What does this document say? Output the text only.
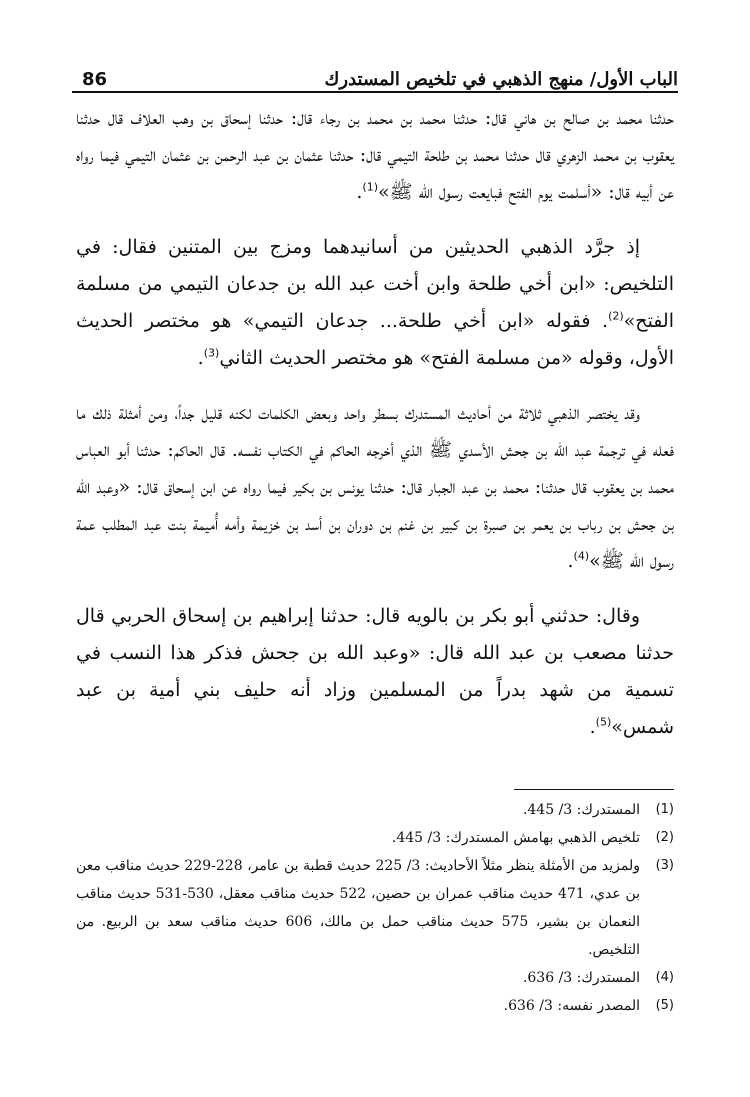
86	الباب الأول/ منهج الذهبي في تلخيص المستدرك

حدثنا محمد بن صالح بن هاني قال: حدثنا محمد بن محمد بن رجاء قال: حدثنا إسحاق بن وهب العلاف قال حدثنا يعقوب بن محمد الزهري قال حدثنا محمد بن طلحة التيمي قال: حدثنا عثمان بن عبد الرحمن بن عثمان التيمي فيما رواه عن أبيه قال: «أسلمت يوم الفتح فبايعت رسول الله ﷺ»$^{(1)}$.

إذ جرَّد الذهبي الحديثين من أسانيدهما ومزج بين المتنين فقال: في التلخيص: «ابن أخي طلحة وابن أخت عبد الله بن جدعان التيمي من مسلمة الفتح»$^{(2)}$. فقوله «ابن أخي طلحة... جدعان التيمي» هو مختصر الحديث الأول، وقوله «من مسلمة الفتح» هو مختصر الحديث الثاني$^{(3)}$.

وقد يختصر الذهبي ثلاثة من أحاديث المستدرك بسطر واحد وبعض الكلمات لكنه قليل جداً، ومن أمثلة ذلك ما فعله في ترجمة عبد الله بن جحش الأسدي ﷺ الذي أخرجه الحاكم في الكتاب نفسه. قال الحاكم: حدثنا أبو العباس محمد بن يعقوب قال حدثنا: محمد بن عبد الجبار قال: حدثنا يونس بن بكير فيما رواه عن ابن إسحاق قال: «وعبد الله بن جحش بن رباب بن يعمر بن صبرة بن كبير بن غنم بن دوران بن أسد بن خزيمة وأمه أُميمة بنت عبد المطلب عمة رسول الله ﷺ»$^{(4)}$.

وقال: حدثني أبو بكر بن بالويه قال: حدثنا إبراهيم بن إسحاق الحربي قال حدثنا مصعب بن عبد الله قال: «وعبد الله بن جحش فذكر هذا النسب في تسمية من شهد بدراً من المسلمين وزاد أنه حليف بني أمية بن عبد شمس»$^{(5)}$.

(1)
المستدرك: 3/ 445.
(2)
تلخيص الذهبي بهامش المستدرك: 3/ 445.
(3)
ولمزيد من الأمثلة ينظر مثلاً الأحاديث: 3/ 225 حديث قطبة بن عامر، 228-229 حديث مناقب معن بن عدي، 471 حديث مناقب عمران بن حصين، 522 حديث مناقب معقل، 530-531 حديث مناقب النعمان بن بشير، 575 حديث مناقب حمل بن مالك، 606 حديث مناقب سعد بن الربيع. من التلخيص.
(4)
المستدرك: 3/ 636.
(5)
المصدر نفسه: 3/ 636.
